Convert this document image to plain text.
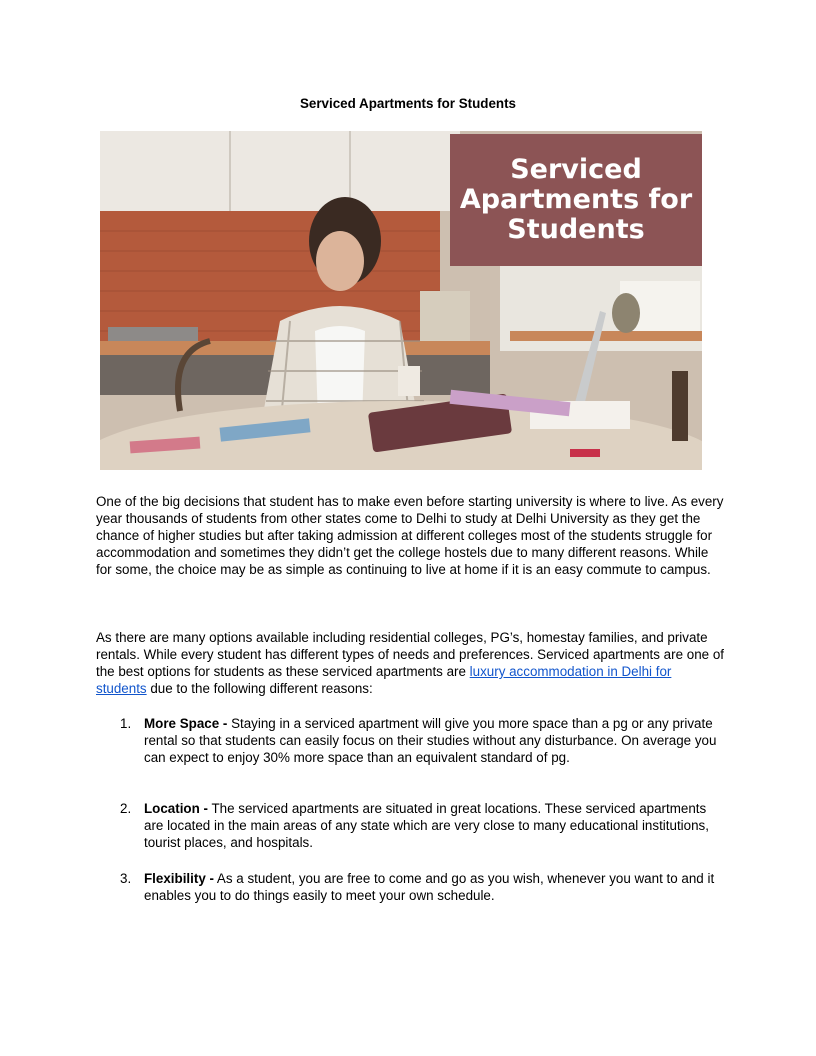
Serviced Apartments for Students
Serviced
Apartments for
Students

One of the big decisions that student has to make even before starting university is where to live. As every year thousands of students from other states come to Delhi to study at Delhi University as they get the chance of higher studies but after taking admission at different colleges most of the students struggle for accommodation and sometimes they didn’t get the college hostels due to many different reasons. While for some, the choice may be as simple as continuing to live at home if it is an easy commute to campus.

As there are many options available including residential colleges, PG’s, homestay families, and private rentals. While every student has different types of needs and preferences. Serviced apartments are one of the best options for students as these serviced apartments are luxury accommodation in Delhi for students due to the following different reasons:

1. More Space - Staying in a serviced apartment will give you more space than a pg or any private rental so that students can easily focus on their studies without any disturbance. On average you can expect to enjoy 30% more space than an equivalent standard of pg.
2. Location - The serviced apartments are situated in great locations. These serviced apartments are located in the main areas of any state which are very close to many educational institutions, tourist places, and hospitals.
3. Flexibility - As a student, you are free to come and go as you wish, whenever you want to and it enables you to do things easily to meet your own schedule.
